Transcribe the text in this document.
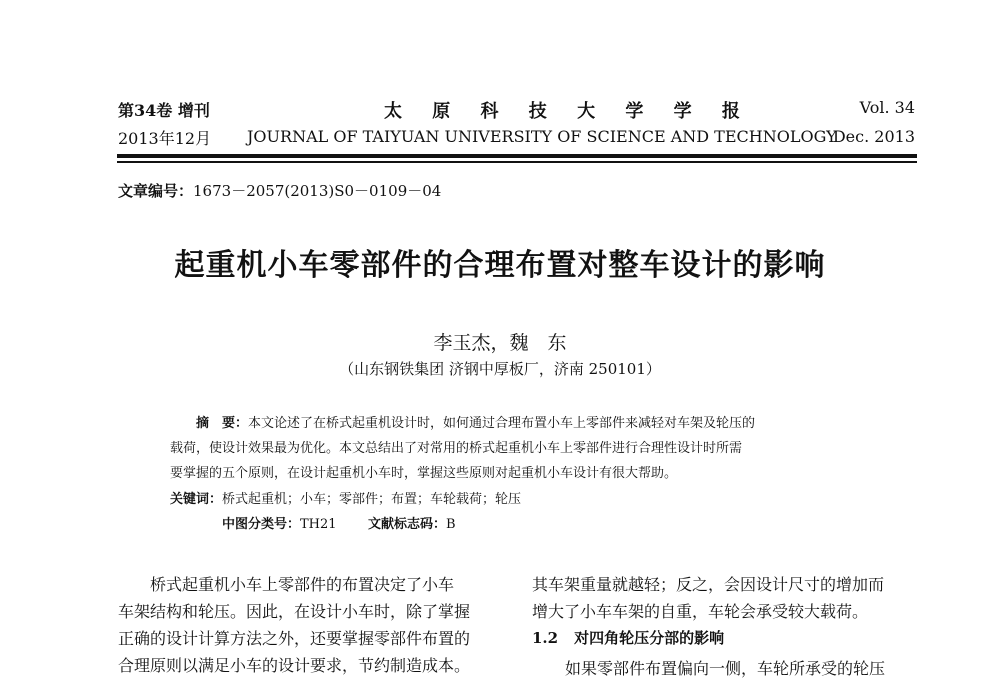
第34卷 增刊
2013年12月
太 原 科 技 大 学 学 报
JOURNAL OF TAIYUAN UNIVERSITY OF SCIENCE AND TECHNOLOGY
Vol. 34
Dec. 2013
文章编号：1673－2057(2013)S0－0109－04
起重机小车零部件的合理布置对整车设计的影响
李玉杰，魏　东
（山东钢铁集团 济钢中厚板厂，济南 250101）
摘　要：本文论述了在桥式起重机设计时，如何通过合理布置小车上零部件来减轻对车架及轮压的
载荷，使设计效果最为优化。本文总结出了对常用的桥式起重机小车上零部件进行合理性设计时所需
要掌握的五个原则，在设计起重机小车时，掌握这些原则对起重机小车设计有很大帮助。
关键词：桥式起重机；小车；零部件；布置；车轮载荷；轮压
中图分类号：TH21 文献标志码：B
桥式起重机小车上零部件的布置决定了小车
车架结构和轮压。因此，在设计小车时，除了掌握
正确的设计计算方法之外，还要掌握零部件布置的
合理原则以满足小车的设计要求，节约制造成本。
其车架重量就越轻；反之，会因设计尺寸的增加而
增大了小车车架的自重，车轮会承受较大载荷。
1.2 对四角轮压分部的影响
如果零部件布置偏向一侧，车轮所承受的轮压
